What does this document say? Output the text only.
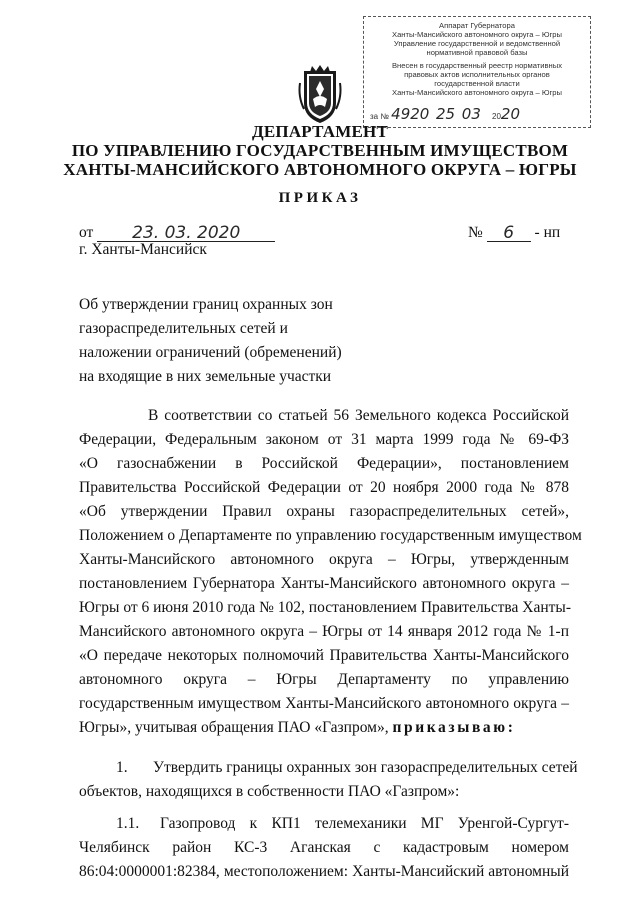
Аппарат Губернатора
Ханты-Мансийского автономного округа – Югры
Управление государственной и ведомственной
нормативной правовой базы
Внесен в государственный реестр нормативных
правовых актов исполнительных органов
государственной власти
Ханты-Мансийского автономного округа – Югры
за № 4920 25 03 2020
ДЕПАРТАМЕНТ
ПО УПРАВЛЕНИЮ ГОСУДАРСТВЕННЫМ ИМУЩЕСТВОМ
ХАНТЫ-МАНСИЙСКОГО АВТОНОМНОГО ОКРУГА – ЮГРЫ
ПРИКАЗ
от 23. 03. 2020	№ 6 - нп
г. Ханты-Мансийск
Об утверждении границ охранных зон
газораспределительных сетей и
наложении ограничений (обременений)
на входящие в них земельные участки
В соответствии со статьей 56 Земельного кодекса Российской
Федерации, Федеральным законом от 31 марта 1999 года № 69-ФЗ
«О газоснабжении в Российской Федерации», постановлением
Правительства Российской Федерации от 20 ноября 2000 года № 878
«Об утверждении Правил охраны газораспределительных сетей»,
Положением о Департаменте по управлению государственным имуществом
Ханты-Мансийского автономного округа – Югры, утвержденным
постановлением Губернатора Ханты-Мансийского автономного округа –
Югры от 6 июня 2010 года № 102, постановлением Правительства Ханты-
Мансийского автономного округа – Югры от 14 января 2012 года № 1-п
«О передаче некоторых полномочий Правительства Ханты-Мансийского
автономного округа – Югры Департаменту по управлению
государственным имуществом Ханты-Мансийского автономного округа –
Югры», учитывая обращения ПАО «Газпром», приказываю:
1. Утвердить границы охранных зон газораспределительных сетей
объектов, находящихся в собственности ПАО «Газпром»:
1.1. Газопровод к КП1 телемеханики МГ Уренгой-Сургут-
Челябинск район КС-3 Аганская с кадастровым номером
86:04:0000001:82384, местоположением: Ханты-Мансийский автономный
